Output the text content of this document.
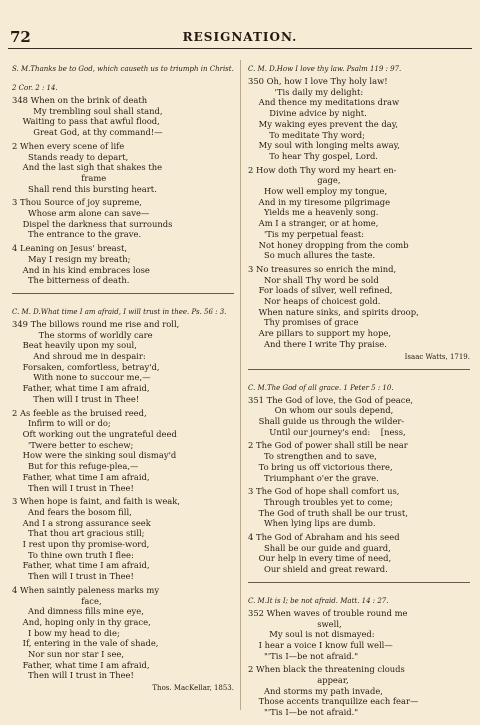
72	RESIGNATION.
S. M.Thanks be to God, which causeth us to triumph in Christ. 2 Cor. 2 : 14.
348 When on the brink of death
My trembling soul shall stand,
Waiting to pass that awful flood,
Great God, at thy command!—
2 When every scene of life
Stands ready to depart,
And the last sigh that shakes the
frame
Shall rend this bursting heart.
3 Thou Source of joy supreme,
Whose arm alone can save—
Dispel the darkness that surrounds
The entrance to the grave.
4 Leaning on Jesus' breast,
May I resign my breath;
And in his kind embraces lose
The bitterness of death.
C. M. D.What time I am afraid, I will trust in thee. Ps. 56 : 3.
349 The billows round me rise and roll,
The storms of worldly care
Beat heavily upon my soul,
And shroud me in despair:
Forsaken, comfortless, betray'd,
With none to succour me,—
Father, what time I am afraid,
Then will I trust in Thee!
2 As feeble as the bruised reed,
Infirm to will or do;
Oft working out the ungrateful deed
'Twere better to eschew;
How were the sinking soul dismay'd
But for this refuge-plea,—
Father, what time I am afraid,
Then will I trust in Thee!
3 When hope is faint, and faith is weak,
And fears the bosom fill,
And I a strong assurance seek
That thou art gracious still;
I rest upon thy promise-word,
To thine own truth I flee:
Father, what time I am afraid,
Then will I trust in Thee!
4 When saintly paleness marks my
face,
And dimness fills mine eye,
And, hoping only in thy grace,
I bow my head to die;
If, entering in the vale of shade,
Nor sun nor star I see,
Father, what time I am afraid,
Then will I trust in Thee!
Thos. MacKellar, 1853.
C. M. D.How I love thy law. Psalm 119 : 97.
350 Oh, how I love Thy holy law!
'Tis daily my delight:
And thence my meditations draw
Divine advice by night.
My waking eyes prevent the day,
To meditate Thy word;
My soul with longing melts away,
To hear Thy gospel, Lord.
2 How doth Thy word my heart en-
gage,
How well employ my tongue,
And in my tiresome pilgrimage
Yields me a heavenly song.
Am I a stranger, or at home,
'Tis my perpetual feast:
Not honey dropping from the comb
So much allures the taste.
3 No treasures so enrich the mind,
Nor shall Thy word be sold
For loads of silver, well refined,
Nor heaps of choicest gold.
When nature sinks, and spirits droop,
Thy promises of grace
Are pillars to support my hope,
And there I write Thy praise.
Isaac Watts, 1719.
C. M.The God of all grace. 1 Peter 5 : 10.
351 The God of love, the God of peace,
On whom our souls depend,
Shall guide us through the wilder-
Until our journey's end:    [ness,
2 The God of power shall still be near
To strengthen and to save,
To bring us off victorious there,
Triumphant o'er the grave.
3 The God of hope shall comfort us,
Through troubles yet to come;
The God of truth shall be our trust,
When lying lips are dumb.
4 The God of Abraham and his seed
Shall be our guide and guard,
Our help in every time of need,
Our shield and great reward.
C. M.It is I; be not afraid. Matt. 14 : 27.
352 When waves of trouble round me
swell,
My soul is not dismayed:
I hear a voice I know full well—
"'Tis I—be not afraid."
2 When black the threatening clouds
appear,
And storms my path invade,
Those accents tranquilize each fear—
"'Tis I—be not afraid."
